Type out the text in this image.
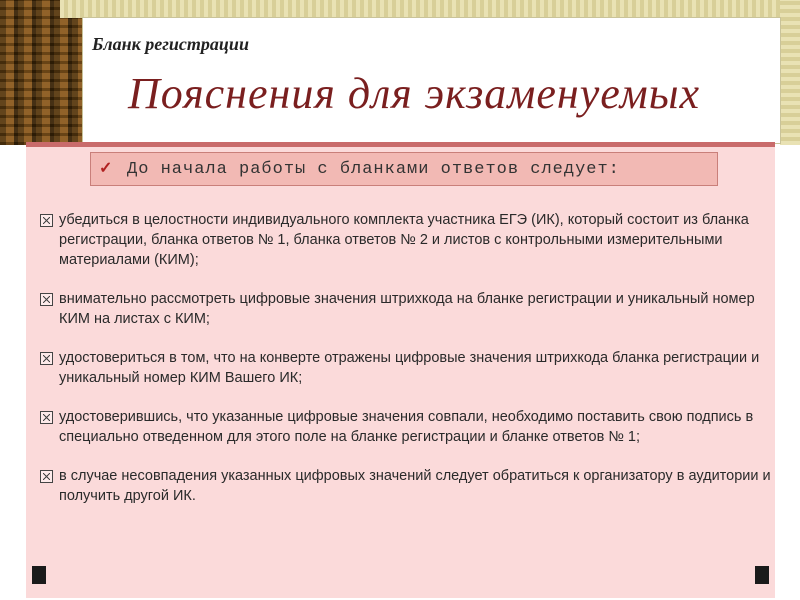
Бланк регистрации
Пояснения для экзаменуемых
✓ До начала работы с бланками ответов следует:
убедиться в целостности индивидуального комплекта участника ЕГЭ (ИК), который состоит из бланка регистрации, бланка ответов № 1, бланка ответов № 2 и листов с контрольными измерительными материалами (КИМ);
внимательно рассмотреть цифровые значения штрихкода на бланке регистрации и уникальный номер КИМ на листах с КИМ;
удостовериться в том, что на конверте отражены цифровые значения штрихкода бланка регистрации и уникальный номер КИМ Вашего ИК;
удостоверившись, что указанные цифровые значения совпали, необходимо поставить свою подпись в специально отведенном для этого поле на бланке регистрации и бланке ответов № 1;
в случае несовпадения указанных цифровых значений следует обратиться к организатору в аудитории и получить другой ИК.
